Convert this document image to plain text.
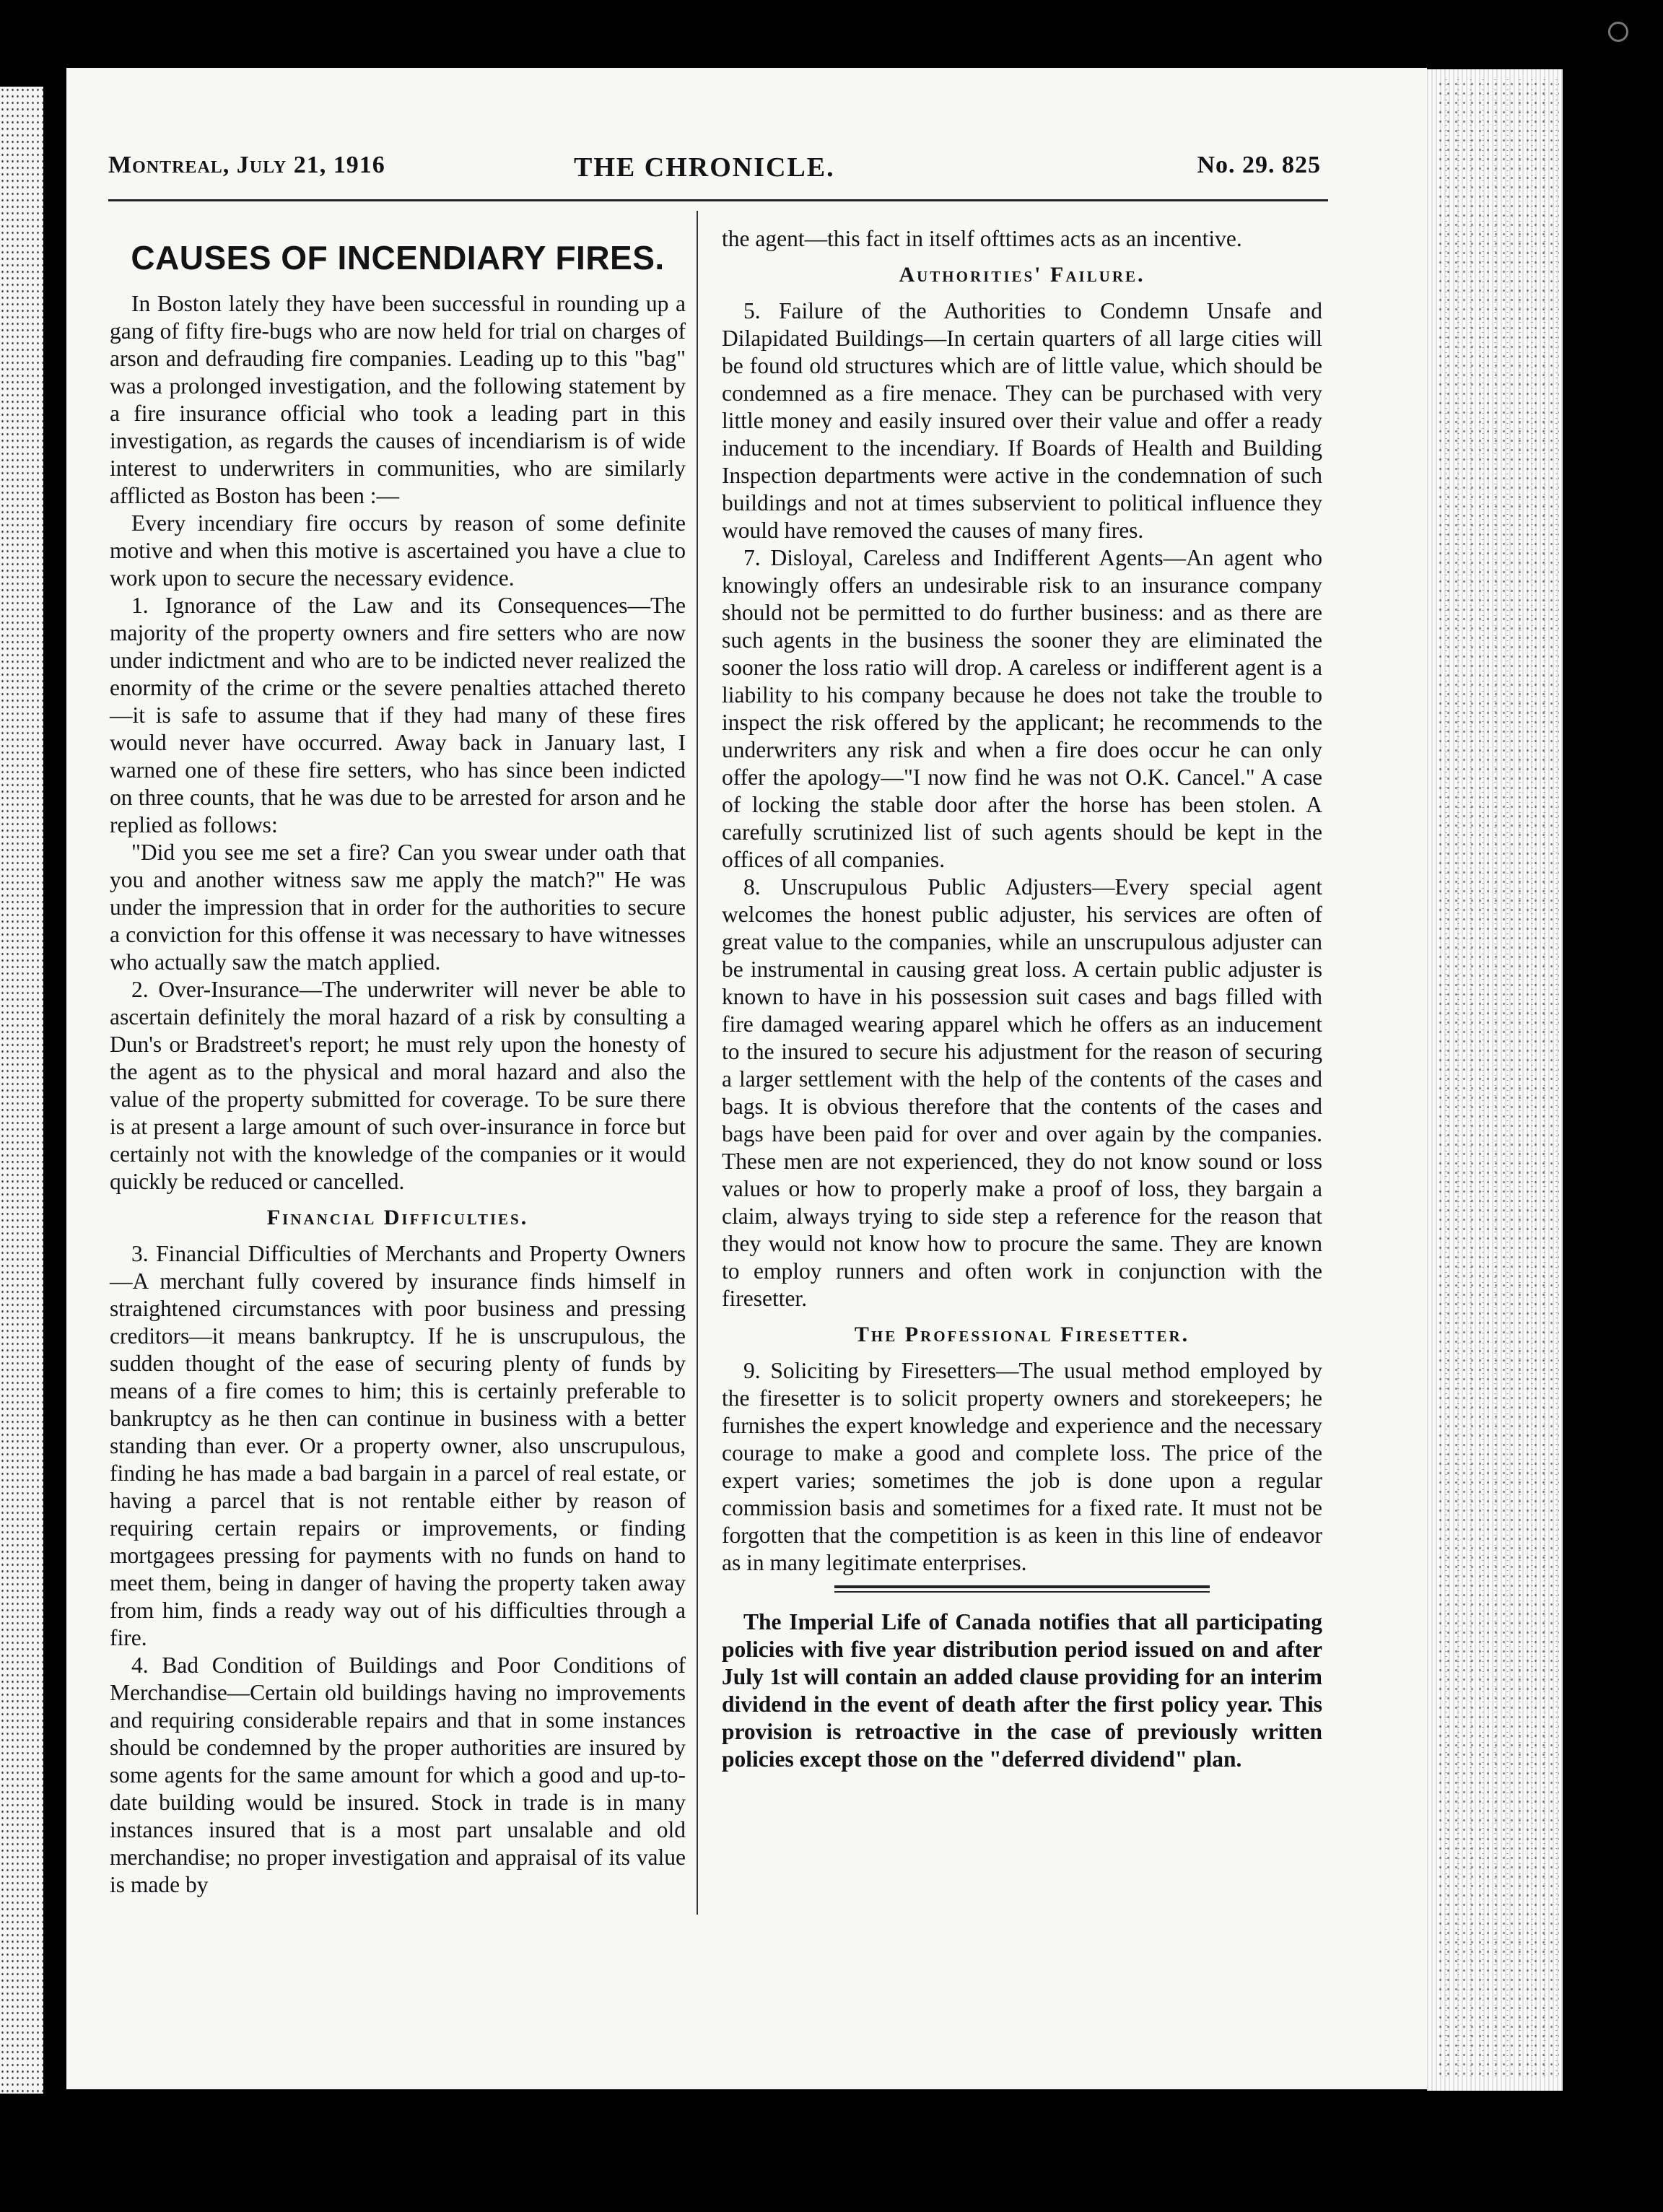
Montreal, July 21, 1916	THE CHRONICLE.	No. 29. 825
CAUSES OF INCENDIARY FIRES.

In Boston lately they have been successful in rounding up a gang of fifty fire-bugs who are now held for trial on charges of arson and defrauding fire companies. Leading up to this "bag" was a prolonged investigation, and the following statement by a fire insurance official who took a leading part in this investigation, as regards the causes of incendiarism is of wide interest to underwriters in communities, who are similarly afflicted as Boston has been :—

Every incendiary fire occurs by reason of some definite motive and when this motive is ascertained you have a clue to work upon to secure the necessary evidence.

1. Ignorance of the Law and its Consequences—The majority of the property owners and fire setters who are now under indictment and who are to be indicted never realized the enormity of the crime or the severe penalties attached thereto—it is safe to assume that if they had many of these fires would never have occurred. Away back in January last, I warned one of these fire setters, who has since been indicted on three counts, that he was due to be arrested for arson and he replied as follows:

"Did you see me set a fire? Can you swear under oath that you and another witness saw me apply the match?" He was under the impression that in order for the authorities to secure a conviction for this offense it was necessary to have witnesses who actually saw the match applied.

2. Over-Insurance—The underwriter will never be able to ascertain definitely the moral hazard of a risk by consulting a Dun's or Bradstreet's report; he must rely upon the honesty of the agent as to the physical and moral hazard and also the value of the property submitted for coverage. To be sure there is at present a large amount of such over-insurance in force but certainly not with the knowledge of the companies or it would quickly be reduced or cancelled.

Financial Difficulties.

3. Financial Difficulties of Merchants and Property Owners—A merchant fully covered by insurance finds himself in straightened circumstances with poor business and pressing creditors—it means bankruptcy. If he is unscrupulous, the sudden thought of the ease of securing plenty of funds by means of a fire comes to him; this is certainly preferable to bankruptcy as he then can continue in business with a better standing than ever. Or a property owner, also unscrupulous, finding he has made a bad bargain in a parcel of real estate, or having a parcel that is not rentable either by reason of requiring certain repairs or improvements, or finding mortgagees pressing for payments with no funds on hand to meet them, being in danger of having the property taken away from him, finds a ready way out of his difficulties through a fire.

4. Bad Condition of Buildings and Poor Conditions of Merchandise—Certain old buildings having no improvements and requiring considerable repairs and that in some instances should be condemned by the proper authorities are insured by some agents for the same amount for which a good and up-to-date building would be insured. Stock in trade is in many instances insured that is a most part unsalable and old merchandise; no proper investigation and appraisal of its value is made by

the agent—this fact in itself ofttimes acts as an incentive.

Authorities' Failure.

5. Failure of the Authorities to Condemn Unsafe and Dilapidated Buildings—In certain quarters of all large cities will be found old structures which are of little value, which should be condemned as a fire menace. They can be purchased with very little money and easily insured over their value and offer a ready inducement to the incendiary. If Boards of Health and Building Inspection departments were active in the condemnation of such buildings and not at times subservient to political influence they would have removed the causes of many fires.

7. Disloyal, Careless and Indifferent Agents—An agent who knowingly offers an undesirable risk to an insurance company should not be permitted to do further business: and as there are such agents in the business the sooner they are eliminated the sooner the loss ratio will drop. A careless or indifferent agent is a liability to his company because he does not take the trouble to inspect the risk offered by the applicant; he recommends to the underwriters any risk and when a fire does occur he can only offer the apology—"I now find he was not O.K. Cancel." A case of locking the stable door after the horse has been stolen. A carefully scrutinized list of such agents should be kept in the offices of all companies.

8. Unscrupulous Public Adjusters—Every special agent welcomes the honest public adjuster, his services are often of great value to the companies, while an unscrupulous adjuster can be instrumental in causing great loss. A certain public adjuster is known to have in his possession suit cases and bags filled with fire damaged wearing apparel which he offers as an inducement to the insured to secure his adjustment for the reason of securing a larger settlement with the help of the contents of the cases and bags. It is obvious therefore that the contents of the cases and bags have been paid for over and over again by the companies. These men are not experienced, they do not know sound or loss values or how to properly make a proof of loss, they bargain a claim, always trying to side step a reference for the reason that they would not know how to procure the same. They are known to employ runners and often work in conjunction with the firesetter.

The Professional Firesetter.

9. Soliciting by Firesetters—The usual method employed by the firesetter is to solicit property owners and storekeepers; he furnishes the expert knowledge and experience and the necessary courage to make a good and complete loss. The price of the expert varies; sometimes the job is done upon a regular commission basis and sometimes for a fixed rate. It must not be forgotten that the competition is as keen in this line of endeavor as in many legitimate enterprises.

The Imperial Life of Canada notifies that all participating policies with five year distribution period issued on and after July 1st will contain an added clause providing for an interim dividend in the event of death after the first policy year. This provision is retroactive in the case of previously written policies except those on the "deferred dividend" plan.
